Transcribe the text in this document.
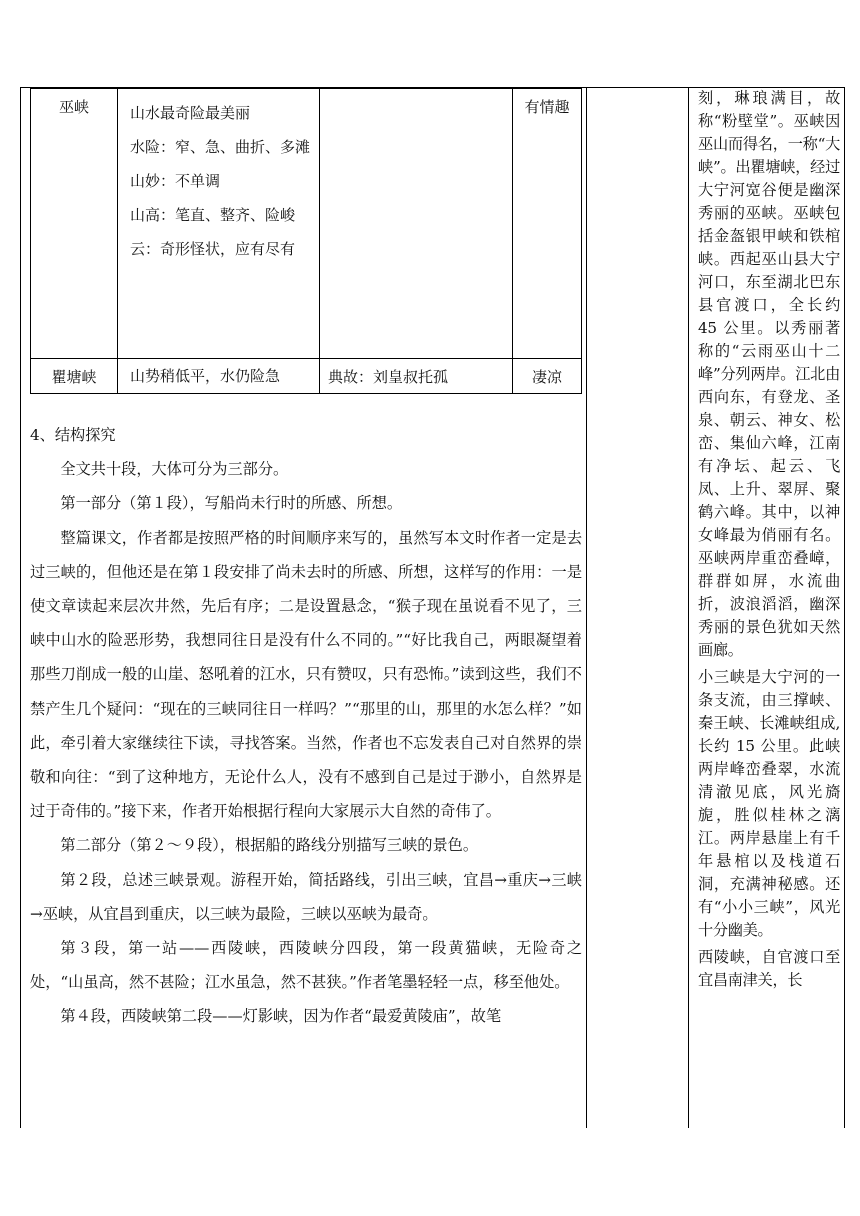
巫峡	山水最奇险最美丽
水险：窄、急、曲折、多滩
山妙：不单调
山高：笔直、整齐、险峻
云：奇形怪状，应有尽有		有情趣
瞿塘峡	山势稍低平，水仍险急	典故：刘皇叔托孤	凄凉

4、结构探究

全文共十段，大体可分为三部分。

第一部分（第１段），写船尚未行时的所感、所想。

整篇课文，作者都是按照严格的时间顺序来写的，虽然写本文时作者一定是去过三峡的，但他还是在第１段安排了尚未去时的所感、所想，这样写的作用：一是使文章读起来层次井然，先后有序；二是设置悬念，“猴子现在虽说看不见了，三峡中山水的险恶形势，我想同往日是没有什么不同的。”“好比我自己，两眼凝望着那些刀削成一般的山崖、怒吼着的江水，只有赞叹，只有恐怖。”读到这些，我们不禁产生几个疑问：“现在的三峡同往日一样吗？”“那里的山，那里的水怎么样？”如此，牵引着大家继续往下读，寻找答案。当然，作者也不忘发表自己对自然界的崇敬和向往：“到了这种地方，无论什么人，没有不感到自己是过于渺小，自然界是过于奇伟的。”接下来，作者开始根据行程向大家展示大自然的奇伟了。

第二部分（第２～９段），根据船的路线分别描写三峡的景色。

第２段，总述三峡景观。游程开始，简括路线，引出三峡，宜昌→重庆→三峡→巫峡，从宜昌到重庆，以三峡为最险，三峡以巫峡为最奇。

第３段，第一站——西陵峡，西陵峡分四段，第一段黄猫峡，无险奇之处，“山虽高，然不甚险；江水虽急，然不甚狭。”作者笔墨轻轻一点，移至他处。

第４段，西陵峡第二段——灯影峡，因为作者“最爱黄陵庙”，故笔

刻，琳琅满目，故称“粉壁堂”。巫峡因巫山而得名，一称“大峡”。出瞿塘峡，经过大宁河宽谷便是幽深秀丽的巫峡。巫峡包括金盔银甲峡和铁棺峡。西起巫山县大宁河口，东至湖北巴东县官渡口，全长约 45 公里。以秀丽著称的“云雨巫山十二峰”分列两岸。江北由西向东，有登龙、圣泉、朝云、神女、松峦、集仙六峰，江南有净坛、起云、飞凤、上升、翠屏、聚鹤六峰。其中，以神女峰最为俏丽有名。巫峡两岸重峦叠嶂，群群如屏，水流曲折，波浪滔滔，幽深秀丽的景色犹如天然画廊。

小三峡是大宁河的一条支流，由三撑峡、秦王峡、长滩峡组成,长约 15 公里。此峡两岸峰峦叠翠，水流清澈见底，风光旖旎，胜似桂林之漓江。两岸悬崖上有千年悬棺以及栈道石洞，充满神秘感。还有“小小三峡”，风光十分幽美。

西陵峡，自官渡口至宜昌南津关，长
